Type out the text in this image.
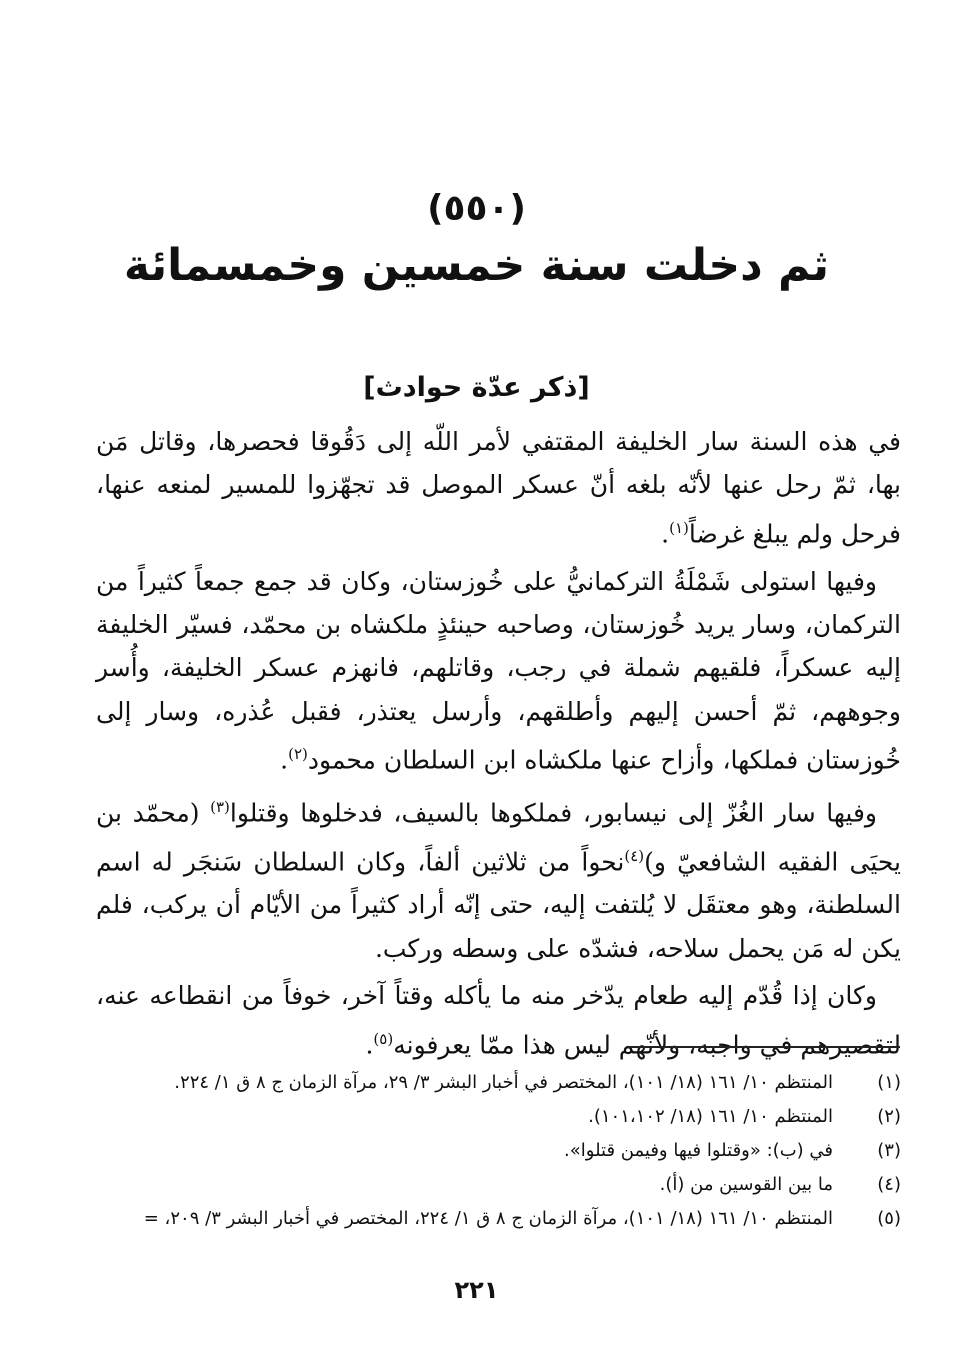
(٥٥٠)
ثم دخلت سنة خمسين وخمسمائة
[ذكر عدّة حوادث]

في هذه السنة سار الخليفة المقتفي لأمر اللّه إلى دَقُوقا فحصرها، وقاتل مَن بها، ثمّ رحل عنها لأنّه بلغه أنّ عسكر الموصل قد تجهّزوا للمسير لمنعه عنها، فرحل ولم يبلغ غرضاً$^{(١)}$.

وفيها استولى شَمْلَةُ التركمانيُّ على خُوزستان، وكان قد جمع جمعاً كثيراً من التركمان، وسار يريد خُوزستان، وصاحبه حينئذٍ ملكشاه بن محمّد، فسيّر الخليفة إليه عسكراً، فلقيهم شملة في رجب، وقاتلهم، فانهزم عسكر الخليفة، وأُسر وجوههم، ثمّ أحسن إليهم وأطلقهم، وأرسل يعتذر، فقبل عُذره، وسار إلى خُوزستان فملكها، وأزاح عنها ملكشاه ابن السلطان محمود$^{(٢)}$.

وفيها سار الغُزّ إلى نيسابور، فملكوها بالسيف، فدخلوها وقتلوا$^{(٣)}$ (محمّد بن يحيَى الفقيه الشافعيّ و)$^{(٤)}$نحواً من ثلاثين ألفاً، وكان السلطان سَنجَر له اسم السلطنة، وهو معتقَل لا يُلتفت إليه، حتى إنّه أراد كثيراً من الأيّام أن يركب، فلم يكن له مَن يحمل سلاحه، فشدّه على وسطه وركب.

وكان إذا قُدّم إليه طعام يدّخر منه ما يأكله وقتاً آخر، خوفاً من انقطاعه عنه، لتقصيرهم في واجبه، ولأنّهم ليس هذا ممّا يعرفونه$^{(٥)}$.

(١)
المنتظم ١٠/ ١٦١ (١٨/ ١٠١)، المختصر في أخبار البشر ٣/ ٢٩، مرآة الزمان ج ٨ ق ١/ ٢٢٤.
(٢)
المنتظم ١٠/ ١٦١ (١٨/ ١٠١،١٠٢).
(٣)
في (ب): «وقتلوا فيها وفيمن قتلوا».
(٤)
ما بين القوسين من (أ).
(٥)
المنتظم ١٠/ ١٦١ (١٨/ ١٠١)، مرآة الزمان ج ٨ ق ١/ ٢٢٤، المختصر في أخبار البشر ٣/ ٢٠٩، =
٢٢١
